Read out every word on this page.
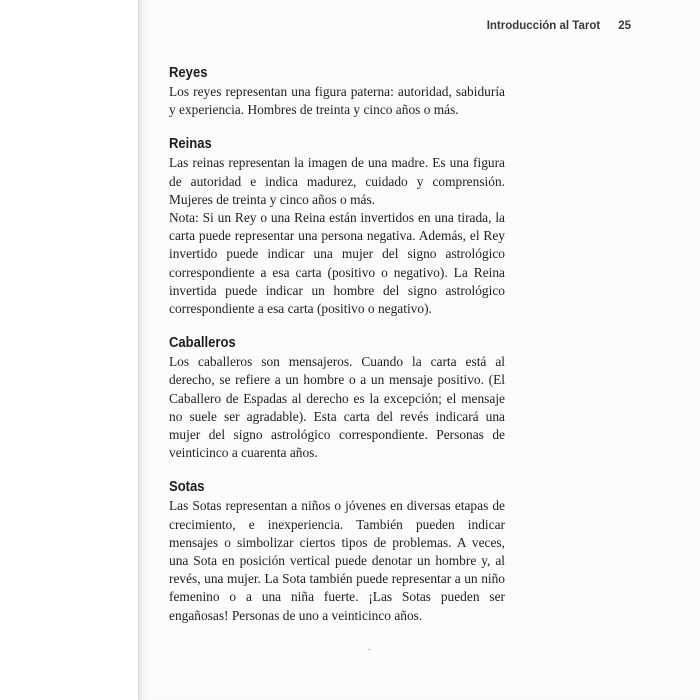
Introducción al Tarot 25
Reyes

Los reyes representan una figura paterna: autoridad, sabiduría y experiencia. Hombres de treinta y cinco años o más.

Reinas

Las reinas representan la imagen de una madre. Es una figura de autoridad e indica madurez, cuidado y comprensión. Mujeres de treinta y cinco años o más.

Nota: Si un Rey o una Reina están invertidos en una tirada, la carta puede representar una persona negativa. Además, el Rey invertido puede indicar una mujer del signo astrológico correspondiente a esa carta (positivo o negativo). La Reina invertida puede indicar un hombre del signo astrológico correspondiente a esa carta (positivo o negativo).

Caballeros

Los caballeros son mensajeros. Cuando la carta está al derecho, se refiere a un hombre o a un mensaje positivo. (El Caballero de Espadas al derecho es la excepción; el mensaje no suele ser agradable). Esta carta del revés indicará una mujer del signo astrológico correspondiente. Personas de veinticinco a cuarenta años.

Sotas

Las Sotas representan a niños o jóvenes en diversas etapas de crecimiento, e inexperiencia. También pueden indicar mensajes o simbolizar ciertos tipos de problemas. A veces, una Sota en posición vertical puede denotar un hombre y, al revés, una mujer. La Sota también puede representar a un niño femenino o a una niña fuerte. ¡Las Sotas pueden ser engañosas! Personas de uno a veinticinco años.

˘
